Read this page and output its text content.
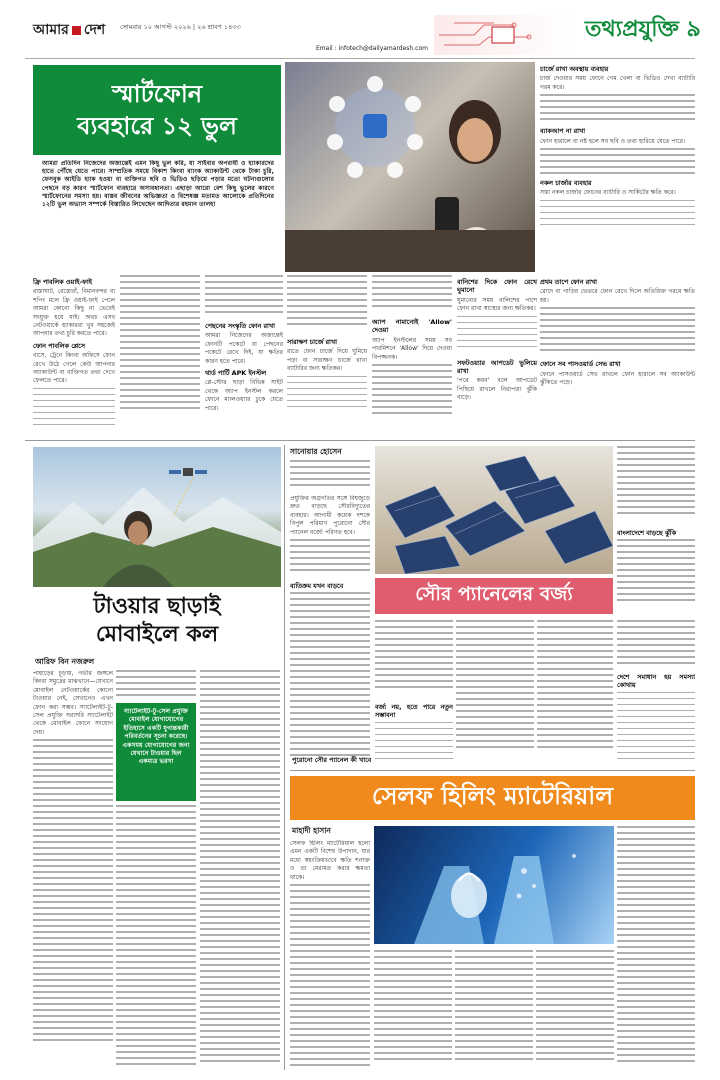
আমার দেশ সোমবার ১০ আগস্ট ২০২৬ | ২৬ শ্রাবণ ১৪৩৩
Email : infotech@dailyamardesh.com
তথ্যপ্রযুক্তি ৯
স্মার্টফোন
ব্যবহারে ১২ ভুল
চার্জে রাখা অবস্থায় ব্যবহার
চার্জ দেওয়ার সময় ফোনে গেম খেলা বা ভিডিও দেখা ব্যাটারি গরম করে।
ব্যাকআপ না রাখা
ফোন হারালে বা নষ্ট হলে সব ছবি ও তথ্য হারিয়ে যেতে পারে।
নকল চার্জার ব্যবহার
সস্তা নকল চার্জার ফোনের ব্যাটারি ও সার্কিটের ক্ষতি করে।
আমরা প্রতিদিন নিজেদের অজান্তেই এমন কিছু ভুল করি, যা সাইবার অপরাধী ও হ্যাকারদের হাতে পৌঁছে যেতে পারে। সাম্প্রতিক সময়ে বিকাশ কিংবা ব্যাংক অ্যাকাউন্ট থেকে টাকা চুরি, ফেসবুক আইডি হ্যাক হওয়া বা ব্যক্তিগত ছবি ও ভিডিও ছড়িয়ে পড়ার মতো ঘটনাগুলোর পেছনে বড় কারণ স্মার্টফোন ব্যবহারে অসাবধানতা। এছাড়া আরো বেশ কিছু ভুলের কারণে স্মার্টফোনের সমস্যা হয়। বাস্তব জীবনের অভিজ্ঞতা ও বিশেষজ্ঞ মতামত আলোকে প্রতিদিনের ১২টি ভুল অভ্যাস সম্পর্কে বিস্তারিত লিখেছেন আদিত্যর রহমান তালহা
ফ্রি পাবলিক ওয়াই-ফাই
রাস্তাঘাট, রেস্তোরাঁ, বিমানবন্দর বা শপিং মলে ফ্রি ওয়াই-ফাই পেলে আমরা কোনো কিছু না ভেবেই সংযুক্ত হয়ে যাই। অথচ এসব নেটওয়ার্কে হ্যাকাররা খুব সহজেই আপনার তথ্য চুরি করতে পারে।
ফোন পাবলিক প্লেসে
বাসে, ট্রেনে কিংবা অফিসে ফোন রেখে উঠে গেলে কেউ আপনার অ্যাকাউন্ট বা ব্যক্তিগত তথ্য দেখে ফেলতে পারে।
পেছনের সংস্কৃতি ফোন রাখা
আমরা নিজেদের অজান্তেই ফোনটি পকেটে বা পেছনের পকেটে রেখে দিই, যা ক্ষতির কারণ হতে পারে।
থার্ড পার্টি APK ইনস্টল
প্লে-স্টোর ছাড়া বিভিন্ন সাইট থেকে অ্যাপ ইনস্টল করলে ফোনে ম্যালওয়্যার ঢুকে যেতে পারে।
সারাক্ষণ চার্জে রাখা
রাতে ফোন চার্জে দিয়ে ঘুমিয়ে পড়া বা সারাক্ষণ চার্জে রাখা ব্যাটারির জন্য ক্ষতিকর।
অ্যাপ নামানোই 'Allow' দেওয়া
অ্যাপ ইনস্টলের সময় সব পারমিশনে 'Allow' দিয়ে দেওয়া বিপজ্জনক।
বানিশের দিকে ফোন রেখে ঘুমানো
ঘুমানোর সময় বালিশের পাশে ফোন রাখা স্বাস্থ্যের জন্য ক্ষতিকর।
সফটওয়্যার আপডেট ভুলিয়ে রাখা
'পরে করব' বলে আপডেট পিছিয়ে রাখলে নিরাপত্তা ঝুঁকি বাড়ে।
প্রথম তাপে ফোন রাখা
রোদে বা গাড়ির ভেতরে ফোন রেখে দিলে অতিরিক্ত গরমে ক্ষতি হয়।
ফোনে সব পাসওয়ার্ড সেভ রাখা
ফোনে পাসওয়ার্ড সেভ রাখলে ফোন হারালে সব অ্যাকাউন্ট ঝুঁকিতে পড়ে।
টাওয়ার ছাড়াই
মোবাইলে কল
আরিফ বিন নজরুল
পাহাড়ের চূড়ায়, গভীর জঙ্গলে কিংবা সমুদ্রের মাঝখানে—যেখানে মোবাইল নেটওয়ার্কের কোনো টাওয়ার নেই, সেখানেও এখন ফোন করা সম্ভব। স্যাটেলাইট-টু-সেল প্রযুক্তি সরাসরি স্যাটেলাইট থেকে মোবাইল ফোনে সংযোগ দেয়।
স্যাটেলাইট-টু-সেল প্রযুক্তি মোবাইল যোগাযোগের ইতিহাসে একটি যুগান্তকারী পরিবর্তনের সূচনা করেছে। একসময় যোগাযোগের জন্য যেখানে টাওয়ার ছিল একমাত্র ভরসা
সানোয়ার হোসেন
বাংলাদেশে বাড়ছে ঝুঁকি
প্রযুক্তির অগ্রগতির সঙ্গে বিশ্বজুড়ে দ্রুত বাড়ছে সৌরবিদ্যুতের ব্যবহার। আগামী কয়েক দশকে বিপুল পরিমাণ পুরোনো সৌর প্যানেল বর্জ্যে পরিণত হবে।
ব্যতিক্রম যখন বাড়বে	সৌর প্যানেলের বর্জ্য
বর্জ্য নয়, হতে পারে নতুন সম্ভাবনা
দেশে সমাধান হয় সমস্যা কোথায়
পুরোনো সৌর প্যানেল কী খাবে
সেলফ হিলিং ম্যাটেরিয়াল
মাহাদী হাসান
সেলফ হিলিং ম্যাটেরিয়াল হলো এমন একটি বিশেষ উপাদান, যার মধ্যে স্বয়ংক্রিয়ভাবে ক্ষতি শনাক্ত ও তা মেরামত করার ক্ষমতা থাকে।
